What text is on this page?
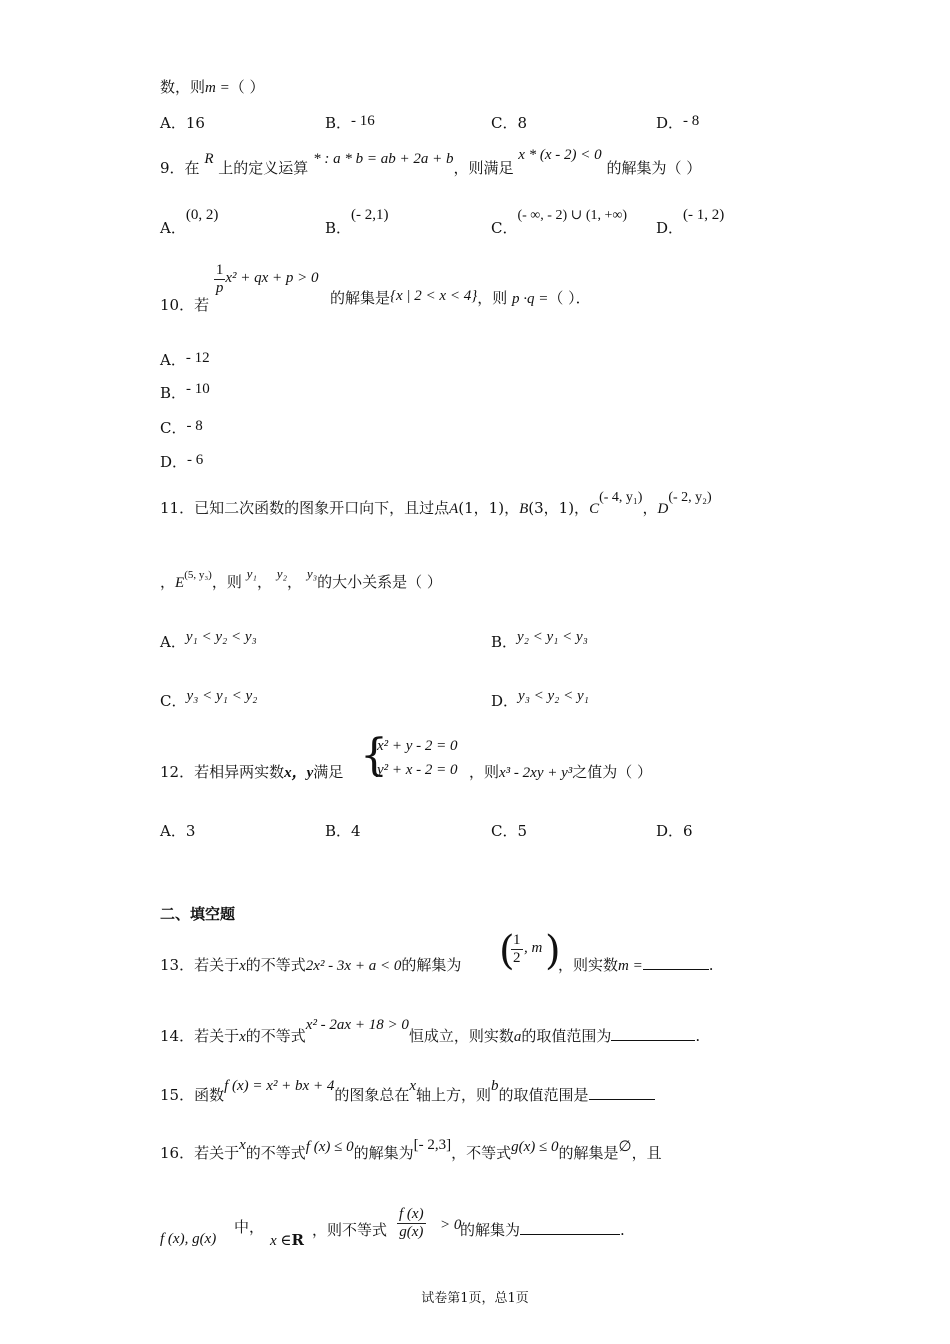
数，则m =（ ）
A．16	B．- 16	C．8	D．- 8
9．在 R 上的定义运算 * : a * b = ab + 2a + b，则满足 x * (x - 2) < 0 的解集为（ ）
A．(0, 2)
B．(- 2,1)
C．(- ∞, - 2) ∪ (1, +∞)
D．(- 1, 2)
10．若
$\frac{1}{p} x^2$ + qx + p > 0
的解集是{x | 2 < x < 4}，则 p ·q =（ ）．
A．- 12
B．- 10
C．- 8
D．- 6
11．已知二次函数的图象开口向下，且过点A(1，1)，B(3，1)，C(- 4, y₁)，D(- 2, y₂)
，$E^{(5, y_3)}$，则 y₁， y₂， y₃的大小关系是（ ）
A．y₁ < y₂ < y₃	B．y₂ < y₁ < y₃
C．y₃ < y₁ < y₂	D．y₃ < y₂ < y₁
12．若相异两实数x，y满足 {
x² + y - 2 = 0
y² + x - 2 = 0 ，则x³ - 2xy + y³之值为（ ）
A．3	B．4	C．5	D．6
二、填空题
13．若关于x的不等式2x² - 3x + a < 0的解集为 (
$\frac{1}{2}$ , m )
，则实数m =	.
14．若关于x的不等式x² - 2ax + 18 > 0恒成立，则实数a的取值范围为	.
15．函数f (x) = x² + bx + 4的图象总在x轴上方，则b的取值范围是
16．若关于x的不等式f (x) ≤ 0的解集为[- 2,3]，不等式g(x) ≤ 0的解集是∅，且
f (x), g(x)
中，
x ∈R
，则不等式 $\frac{f (x)}{g(x)} > 0$
的解集为	.
试卷第1页，总1页
